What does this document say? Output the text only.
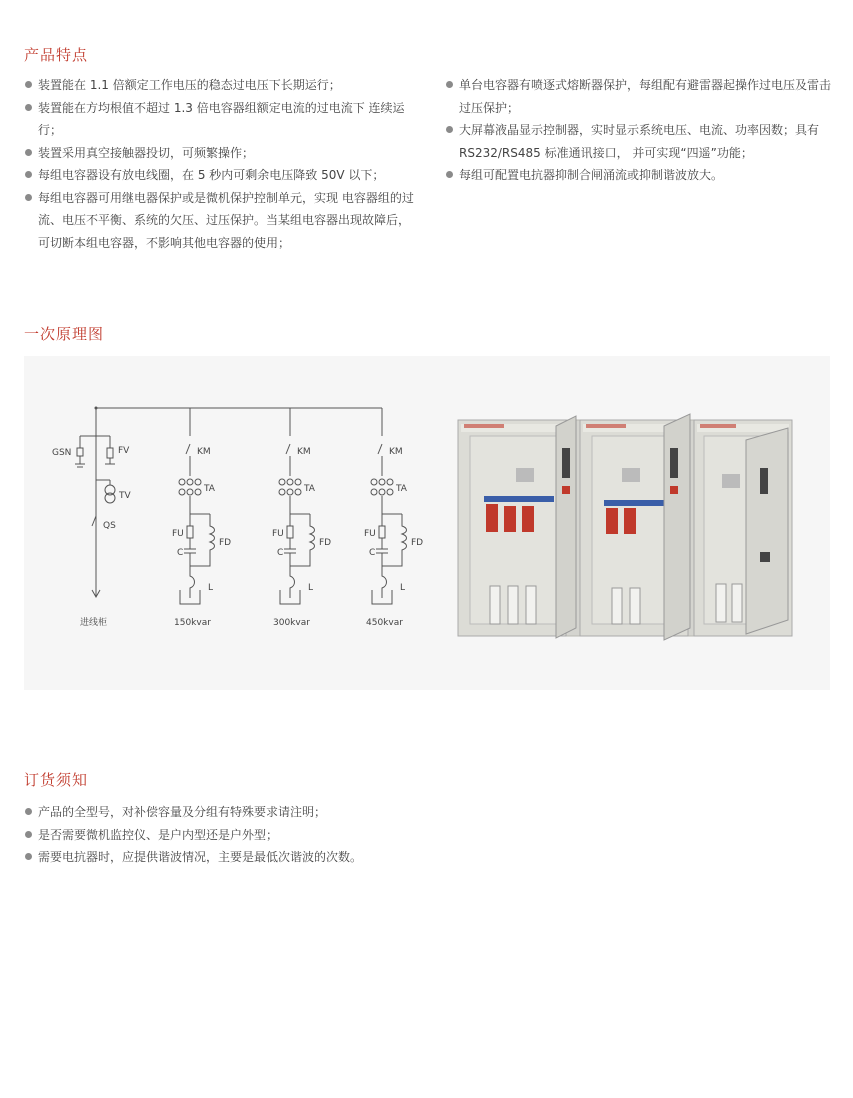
产品特点
装置能在 1.1 倍额定工作电压的稳态过电压下长期运行；
装置能在方均根值不超过 1.3 倍电容器组额定电流的过电流下 连续运行；
装置采用真空接触器投切，可频繁操作；
每组电容器设有放电线圈，在 5 秒内可剩余电压降致 50V 以下；
每组电容器可用继电器保护或是微机保护控制单元，实现 电容器组的过流、电压不平衡、系统的欠压、过压保护。当某组电容器出现故障后，可切断本组电容器，不影响其他电容器的使用；
单台电容器有喷逐式熔断器保护，每组配有避雷器起操作过电压及雷击过压保护；
大屏幕液晶显示控制器，实时显示系统电压、电流、功率因数；具有 RS232/RS485 标准通讯接口， 并可实现“四遥”功能；
每组可配置电抗器抑制合闸涌流或抑制谐波放大。
一次原理图
GSN	FV
TV
QS
进线柜
KM
TA
FU
C
FD
L
150kvar
KM
TA
FU
C
FD
L
300kvar
KM
TA
FU
C
FD
L
450kvar
订货须知
产品的全型号，对补偿容量及分组有特殊要求请注明；
是否需要微机监控仪、是户内型还是户外型；
需要电抗器时，应提供谐波情况，主要是最低次谐波的次数。
